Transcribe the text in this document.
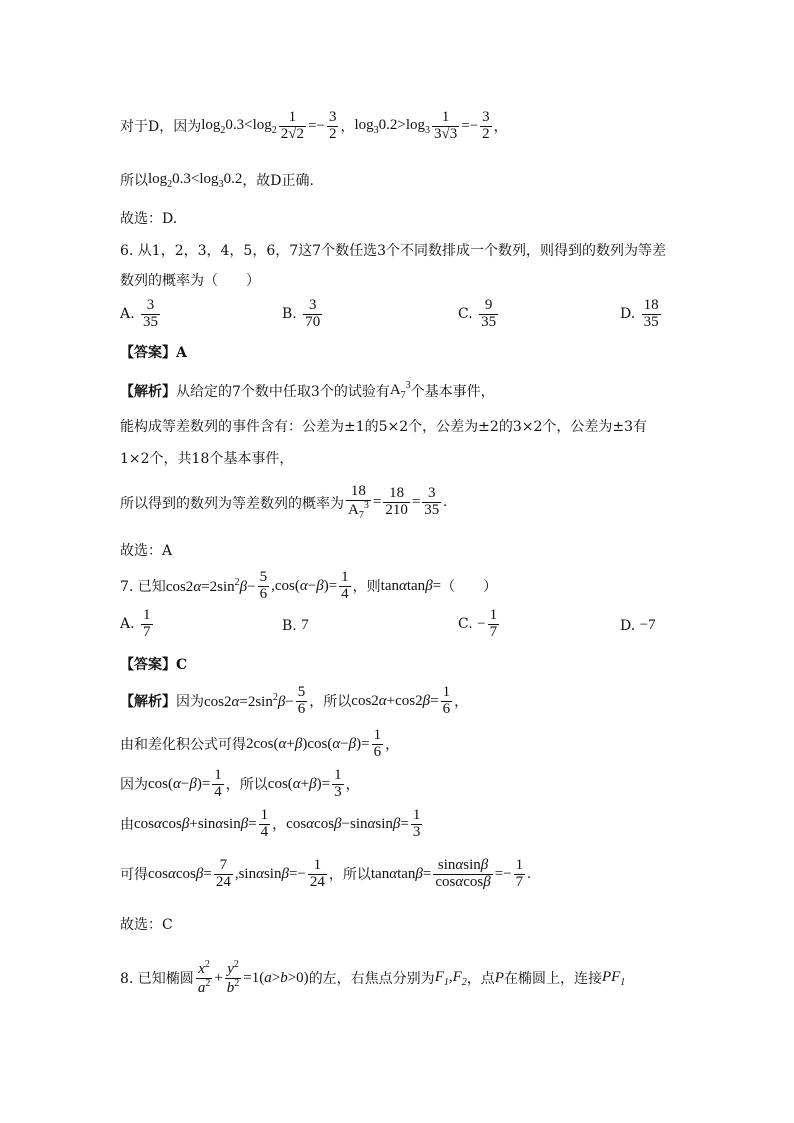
对于D，因为 $\log_20.3<\log_2 \frac{1}{2√2} =- \frac{3}{2}$ ， $\log_30.2>\log_3 \frac{1}{3√3} =- \frac{3}{2}$ ，
所以 $\log_20.3<\log_30.2$ ，故D正确.
故选：D.
6. 从1，2，3，4，5，6，7这7个数任选3个不同数排成一个数列，则得到的数列为等差
数列的概率为（　　）
A.
$\frac{3}{35}$	B.
$\frac{3}{70}$	C.
$\frac{9}{35}$	D.
$\frac{18}{35}$
【答案】A
【解析】 从给定的7个数中任取3个的试验有 $A_7^3$ 个基本事件，
能构成等差数列的事件含有：公差为±1的5×2个，公差为±2的3×2个，公差为±3有
1×2个，共18个基本事件，
所以得到的数列为等差数列的概率为 $\frac{18}{A_7^3} = \frac{18}{210} = \frac{3}{35}$ .
故选：A
7. 已知 $\cos 2\alpha=2\sin^2\beta- \frac{5}{6} ,\cos(\alpha-\beta)= \frac{1}{4}$ ，则 tanαtanβ= （　　）
A.
$\frac{1}{7}$	B.
7	C.
− $\frac{1}{7}$	D.
−7
【答案】C
【解析】 因为 $\cos 2\alpha=2\sin^2\beta- \frac{5}{6}$ ，所以 $\cos 2\alpha+\cos 2\beta= \frac{1}{6}$ ，
由和差化积公式可得 $2\cos(\alpha+\beta)\cos(\alpha-\beta)= \frac{1}{6}$ ，
因为 $\cos(\alpha-\beta)= \frac{1}{4}$ ，所以 $\cos(\alpha+\beta)= \frac{1}{3}$ ，
由 $\cos\alpha\cos\beta+\sin\alpha\sin\beta= \frac{1}{4}$ ， $\cos\alpha\cos\beta-\sin\alpha\sin\beta= \frac{1}{3}$
可得 $\cos\alpha\cos\beta= \frac{7}{24} ,\sin\alpha\sin\beta=- \frac{1}{24}$ ，所以 $\tan\alpha\tan\beta= \frac{\sin\alpha\sin\beta}{\cos\alpha\cos\beta} =- \frac{1}{7}$ .
故选：C
8. 已知椭圆 $\frac{x^2}{a^2} + \frac{y^2}{b^2} =1(a>b>0)$ 的左，右焦点分别为 $F_1,F_2$ ，点 P 在椭圆上，连接 $PF_1$
